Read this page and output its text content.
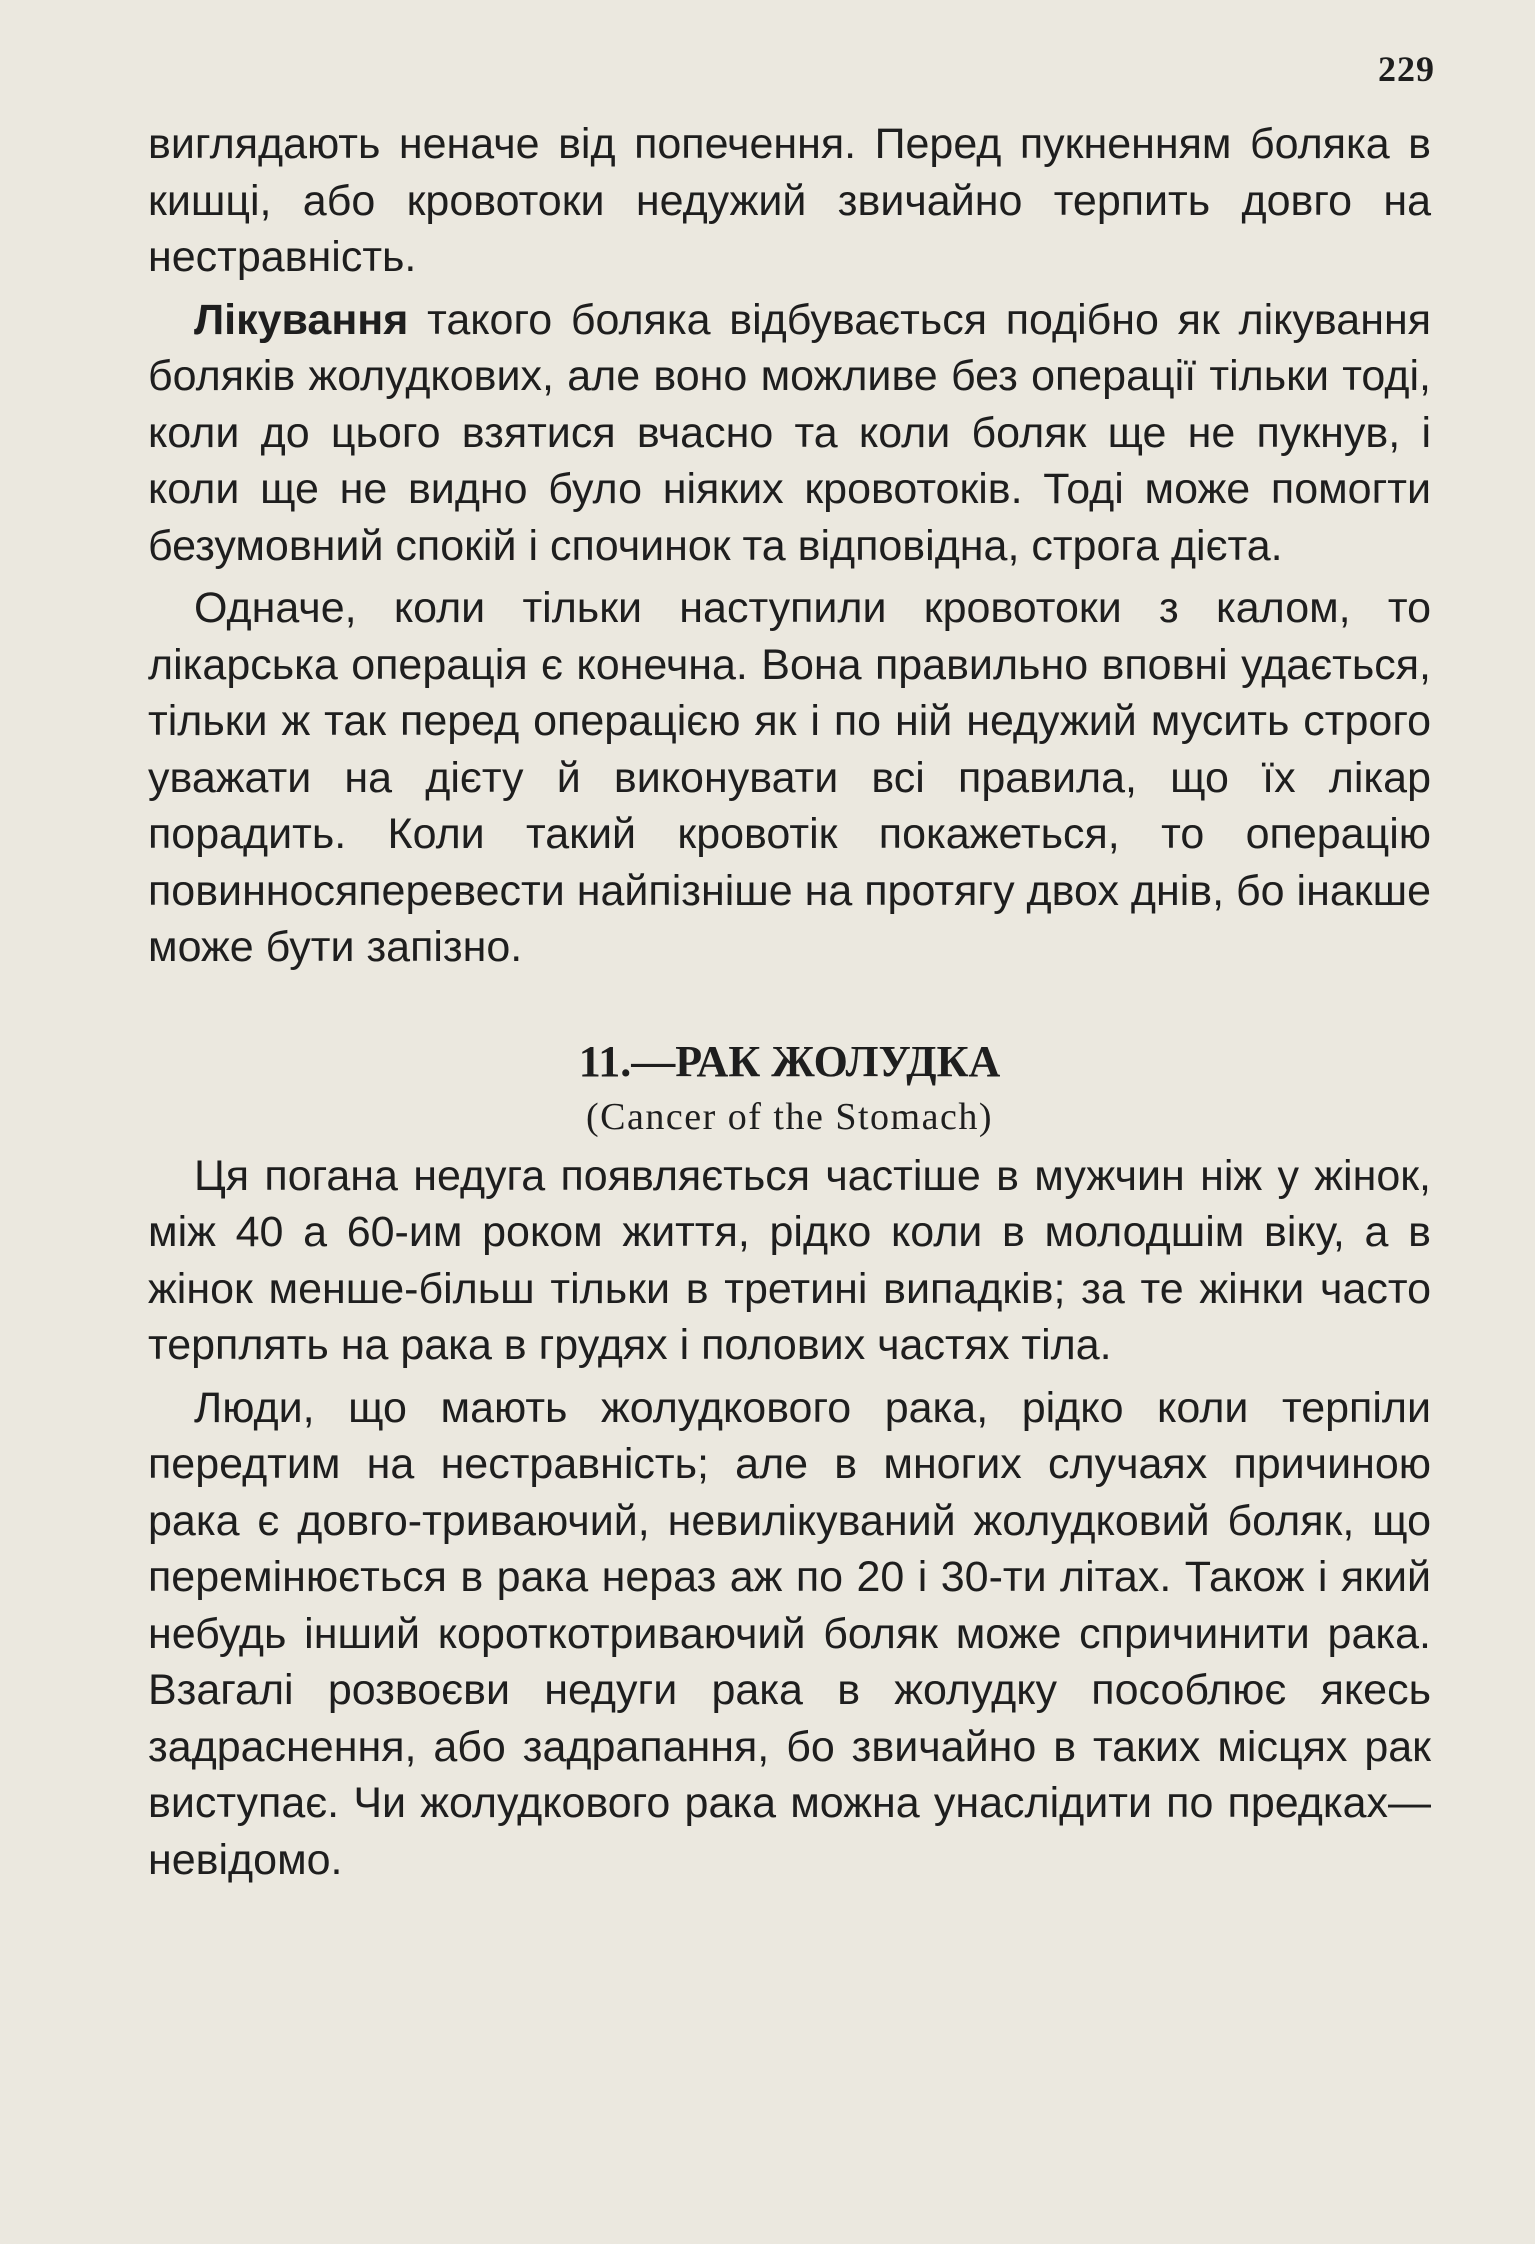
229

виглядають неначе від попечення. Перед пукненням боляка в кишці, або кровотоки недужий звичайно терпить довго на нестравність.

Лікування такого боляка відбувається подібно як лікування боляків жолудкових, але воно можливе без операції тільки тоді, коли до цього взятися вчасно та коли боляк ще не пукнув, і коли ще не видно було ніяких кровотоків. Тоді може помогти безумовний спокій і спочинок та відповідна, строга дієта.

Одначе, коли тільки наступили кровотоки з калом, то лікарська операція є конечна. Вона правильно вповні удається, тільки ж так перед операцією як і по ній недужий мусить строго уважати на дієту й виконувати всі правила, що їх лікар порадить. Коли такий кровотік покажеться, то операцію повинносяперевести найпізніше на протягу двох днів, бо інакше може бути запізно.

11.—РАК ЖОЛУДКА
(Cancer of the Stomach)

Ця погана недуга появляється частіше в мужчин ніж у жінок, між 40 а 60-им роком життя, рідко коли в молодшім віку, а в жінок менше-більш тільки в третині випадків; за те жінки часто терплять на рака в грудях і полових частях тіла.

Люди, що мають жолудкового рака, рідко коли терпіли передтим на нестравність; але в многих случаях причиною рака є довго-триваючий, невилікуваний жолудковий боляк, що перемінюється в рака нераз аж по 20 і 30-ти літах. Також і який небудь інший короткотриваючий боляк може спричинити рака. Взагалі розвоєви недуги рака в жолудку пособлює якесь задраснення, або задрапання, бо звичайно в таких місцях рак виступає. Чи жолудкового рака можна унаслідити по предках—невідомо.
